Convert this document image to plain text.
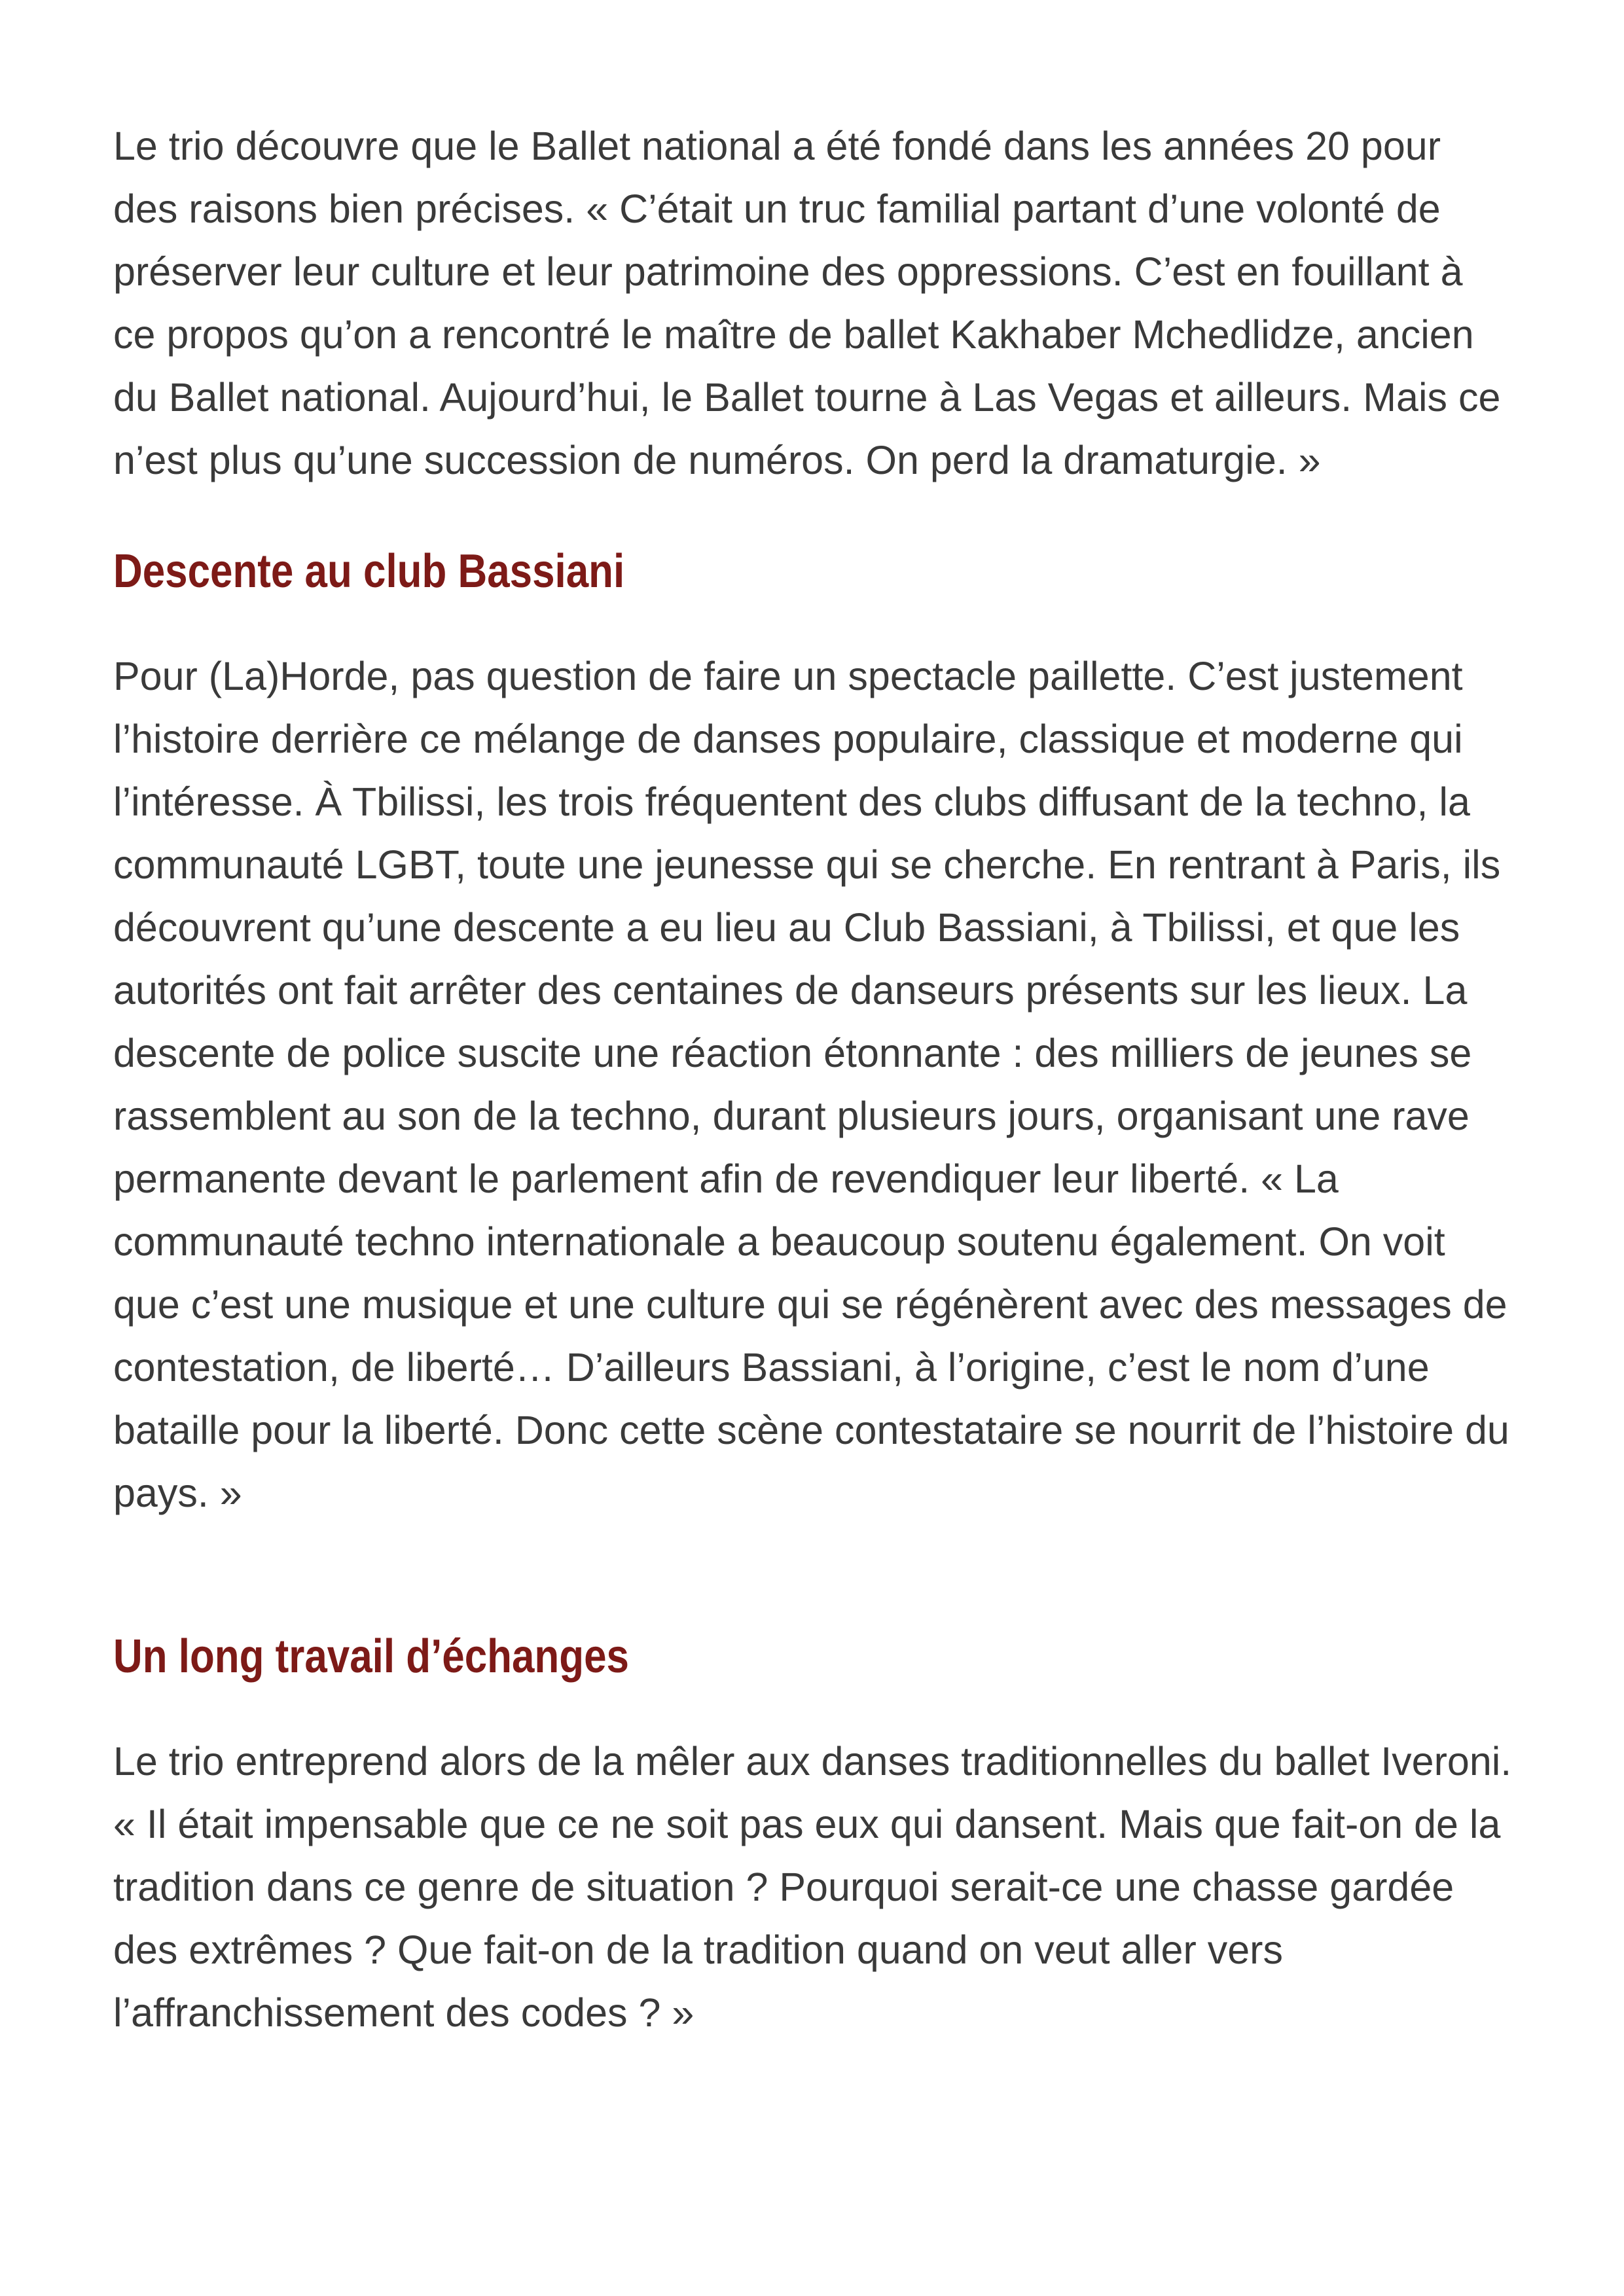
Le trio découvre que le Ballet national a été fondé dans les années 20 pour des raisons bien précises. « C’était un truc familial partant d’une volonté de préserver leur culture et leur patrimoine des oppressions. C’est en fouillant à ce propos qu’on a rencontré le maître de ballet Kakhaber Mchedlidze, ancien du Ballet national. Aujourd’hui, le Ballet tourne à Las Vegas et ailleurs. Mais ce n’est plus qu’une succession de numéros. On perd la dramaturgie. »

Descente au club Bassiani

Pour (La)Horde, pas question de faire un spectacle paillette. C’est justement l’histoire derrière ce mélange de danses populaire, classique et moderne qui l’intéresse. À Tbilissi, les trois fréquentent des clubs diffusant de la techno, la communauté LGBT, toute une jeunesse qui se cherche. En rentrant à Paris, ils découvrent qu’une descente a eu lieu au Club Bassiani, à Tbilissi, et que les autorités ont fait arrêter des centaines de danseurs présents sur les lieux. La descente de police suscite une réaction étonnante : des milliers de jeunes se rassemblent au son de la techno, durant plusieurs jours, organisant une rave permanente devant le parlement afin de revendiquer leur liberté. « La communauté techno internationale a beaucoup soutenu également. On voit que c’est une musique et une culture qui se régénèrent avec des messages de contestation, de liberté… D’ailleurs Bassiani, à l’origine, c’est le nom d’une bataille pour la liberté. Donc cette scène contestataire se nourrit de l’histoire du pays. »

Un long travail d’échanges

Le trio entreprend alors de la mêler aux danses traditionnelles du ballet Iveroni. « Il était impensable que ce ne soit pas eux qui dansent. Mais que fait-on de la tradition dans ce genre de situation ? Pourquoi serait-ce une chasse gardée des extrêmes ? Que fait-on de la tradition quand on veut aller vers l’affranchissement des codes ? »
